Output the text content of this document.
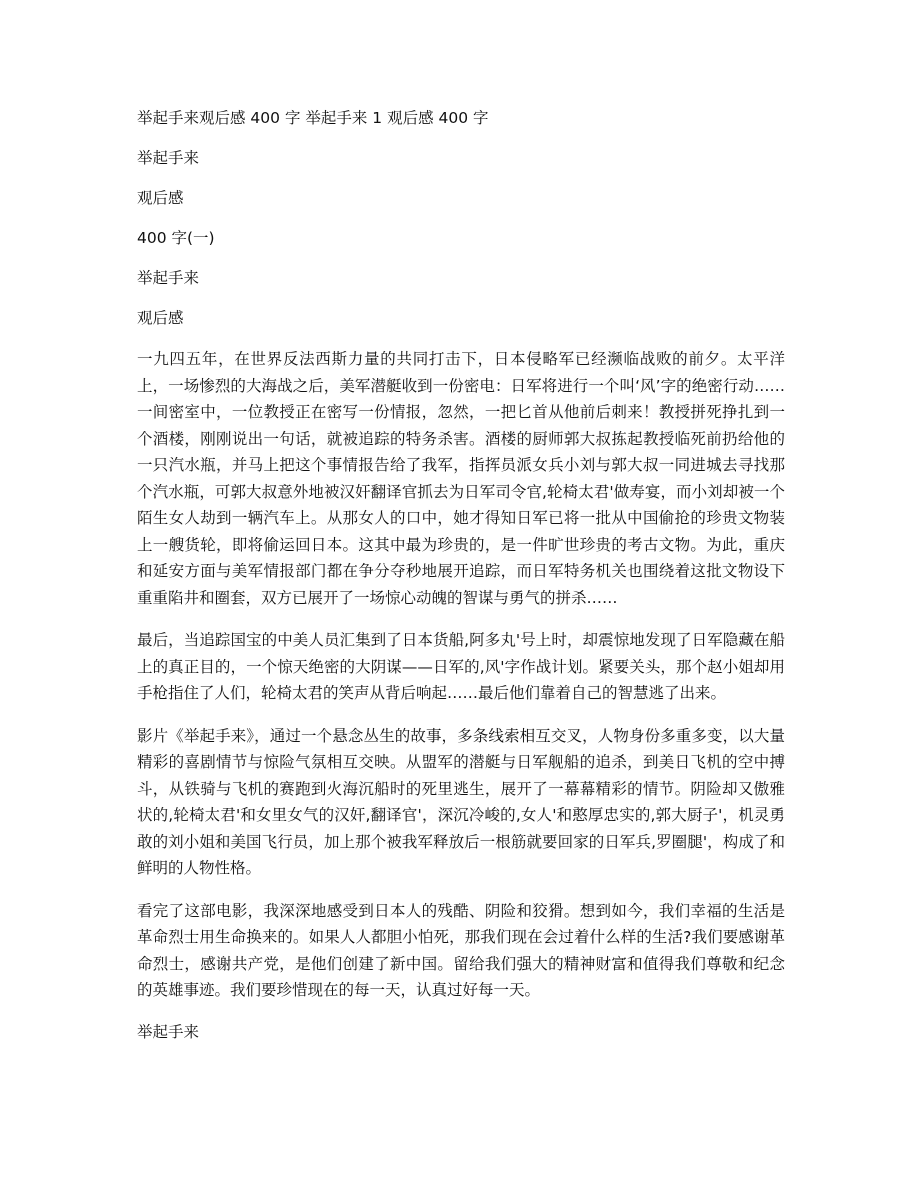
举起手来观后感 400 字 举起手来 1 观后感 400 字

举起手来

观后感

400 字(一)

举起手来

观后感

一九四五年，在世界反法西斯力量的共同打击下，日本侵略军已经濒临战败的前夕。太平洋上，一场惨烈的大海战之后，美军潜艇收到一份密电：日军将进行一个叫‘风’字的绝密行动……一间密室中，一位教授正在密写一份情报，忽然，一把匕首从他前后刺来！教授拼死挣扎到一个酒楼，刚刚说出一句话，就被追踪的特务杀害。酒楼的厨师郭大叔拣起教授临死前扔给他的一只汽水瓶，并马上把这个事情报告给了我军，指挥员派女兵小刘与郭大叔一同进城去寻找那个汽水瓶，可郭大叔意外地被汉奸翻译官抓去为日军司令官,轮椅太君'做寿宴，而小刘却被一个陌生女人劫到一辆汽车上。从那女人的口中，她才得知日军已将一批从中国偷抢的珍贵文物装上一艘货轮，即将偷运回日本。这其中最为珍贵的，是一件旷世珍贵的考古文物。为此，重庆和延安方面与美军情报部门都在争分夺秒地展开追踪，而日军特务机关也围绕着这批文物设下重重陷井和圈套，双方已展开了一场惊心动魄的智谋与勇气的拼杀……

最后，当追踪国宝的中美人员汇集到了日本货船,阿多丸'号上时，却震惊地发现了日军隐藏在船上的真正目的，一个惊天绝密的大阴谋——日军的,风'字作战计划。紧要关头，那个赵小姐却用手枪指住了人们，轮椅太君的笑声从背后响起……最后他们靠着自己的智慧逃了出来。

影片《举起手来》，通过一个悬念丛生的故事，多条线索相互交叉，人物身份多重多变，以大量精彩的喜剧情节与惊险气氛相互交映。从盟军的潜艇与日军舰船的追杀，到美日飞机的空中搏斗，从铁骑与飞机的赛跑到火海沉船时的死里逃生，展开了一幕幕精彩的情节。阴险却又傲雅状的,轮椅太君'和女里女气的汉奸,翻译官'，深沉冷峻的,女人'和憨厚忠实的,郭大厨子'，机灵勇敢的刘小姐和美国飞行员，加上那个被我军释放后一根筋就要回家的日军兵,罗圈腿'，构成了和鲜明的人物性格。

看完了这部电影，我深深地感受到日本人的残酷、阴险和狡猾。想到如今，我们幸福的生活是革命烈士用生命换来的。如果人人都胆小怕死，那我们现在会过着什么样的生活?我们要感谢革命烈士，感谢共产党，是他们创建了新中国。留给我们强大的精神财富和值得我们尊敬和纪念的英雄事迹。我们要珍惜现在的每一天，认真过好每一天。

举起手来
